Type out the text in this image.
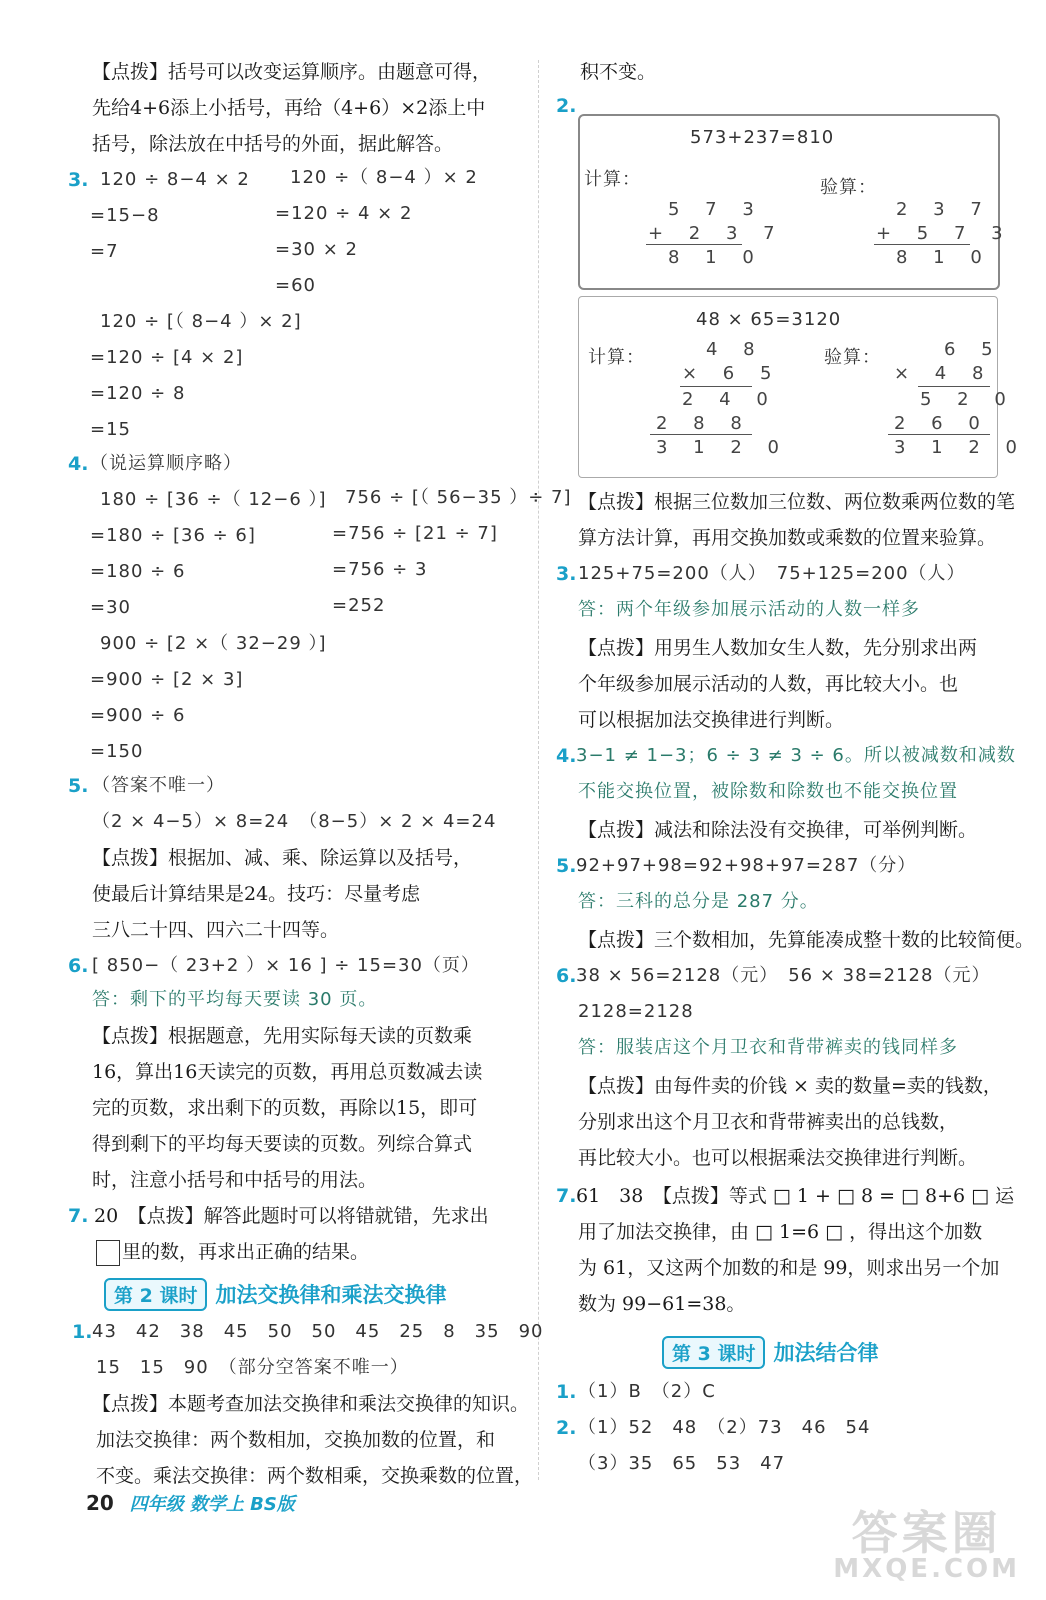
【点拨】括号可以改变运算顺序。由题意可得，
先给4+6添上小括号，再给（4+6）×2添上中
括号，除法放在中括号的外面，据此解答。
3. 120 ÷ 8−4 × 2
=15−8
=7
120 ÷（ 8−4 ）× 2
=120 ÷ 4 × 2
=30 × 2
=60
120 ÷ [（ 8−4 ）× 2]
=120 ÷ [4 × 2]
=120 ÷ 8
=15
4. （说运算顺序略）
180 ÷ [36 ÷（ 12−6 ）]
=180 ÷ [36 ÷ 6]
=180 ÷ 6
=30
756 ÷ [（ 56−35 ）÷ 7]
=756 ÷ [21 ÷ 7]
=756 ÷ 3
=252
900 ÷ [2 ×（ 32−29 ）]
=900 ÷ [2 × 3]
=900 ÷ 6
=150
5. （答案不唯一）
（2 × 4−5）× 8=24　（8−5）× 2 × 4=24
【点拨】根据加、减、乘、除运算以及括号，
使最后计算结果是24。技巧：尽量考虑
三八二十四、四六二十四等。
6. [ 850−（ 23+2 ）× 16 ] ÷ 15=30（页）
答：剩下的平均每天要读 30 页。
【点拨】根据题意，先用实际每天读的页数乘
16，算出16天读完的页数，再用总页数减去读
完的页数，求出剩下的页数，再除以15，即可
得到剩下的平均每天要读的页数。列综合算式
时，注意小括号和中括号的用法。
7. 20　【点拨】解答此题时可以将错就错，先求出
里的数，再求出正确的结果。
第 2 课时 加法交换律和乘法交换律
1. 43　42　38　45　50　50　45　25　8　35　90
15　15　90　（部分空答案不唯一）
【点拨】本题考查加法交换律和乘法交换律的知识。
加法交换律：两个数相加，交换加数的位置，和
不变。乘法交换律：两个数相乘，交换乘数的位置，
积不变。
2.
573+237=810
计算：	验算：
5 7 3
+ 2 3 7
8 1 0
2 3 7
+ 5 7 3
8 1 0
48 × 65=3120
计算：	验算：
4 8
× 6 5
2 4 0
2 8 8
3 1 2 0
6 5
× 4 8
5 2 0
2 6 0
3 1 2 0
【点拨】根据三位数加三位数、两位数乘两位数的笔
算方法计算，再用交换加数或乘数的位置来验算。
3. 125+75=200（人）　75+125=200（人）
答：两个年级参加展示活动的人数一样多
【点拨】用男生人数加女生人数，先分别求出两
个年级参加展示活动的人数，再比较大小。也
可以根据加法交换律进行判断。
4. 3−1 ≠ 1−3；6 ÷ 3 ≠ 3 ÷ 6。所以被减数和减数
不能交换位置，被除数和除数也不能交换位置
【点拨】减法和除法没有交换律，可举例判断。
5. 92+97+98=92+98+97=287（分）
答：三科的总分是 287 分。
【点拨】三个数相加，先算能凑成整十数的比较简便。
6. 38 × 56=2128（元）　56 × 38=2128（元）
2128=2128
答：服装店这个月卫衣和背带裤卖的钱同样多
【点拨】由每件卖的价钱 × 卖的数量=卖的钱数，
分别求出这个月卫衣和背带裤卖出的总钱数，
再比较大小。也可以根据乘法交换律进行判断。
7. 61　38　【点拨】等式 □ 1 + □ 8 = □ 8+6 □ 运
用了加法交换律，由 □ 1=6 □ ，得出这个加数
为 61，又这两个加数的和是 99，则求出另一个加
数为 99−61=38。
第 3 课时 加法结合律
1. （1）B　（2）C
2. （1）52　48　（2）73　46　54
（3）35　65　53　47
20 四年级 数学上 BS版
答案圈
MXQE.COM
